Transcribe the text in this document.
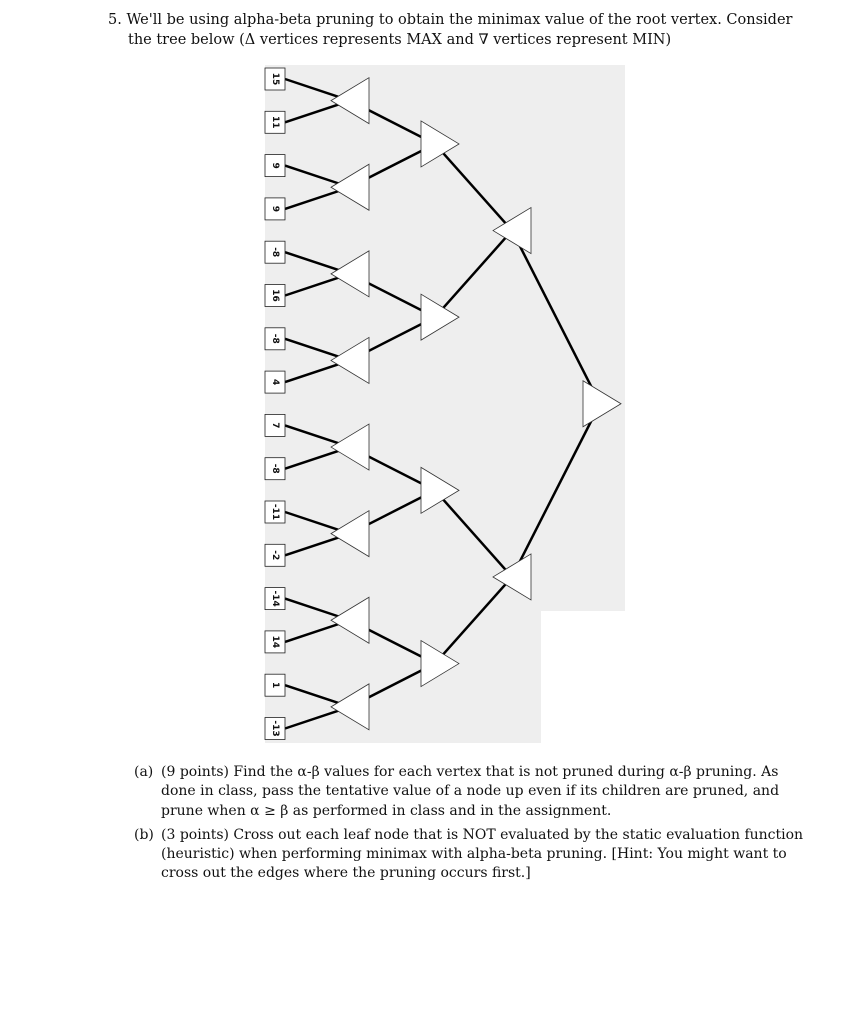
5. We'll be using alpha-beta pruning to obtain the minimax value of the root vertex. Consider
the tree below (Δ vertices represents MAX and ∇ vertices represent MIN)
15
11
9
9
-8
16
-8
4
7
-8
-11
-2
-14
14
1
-13
(a) (9 points) Find the α-β values for each vertex that is not pruned during α-β pruning. As
done in class, pass the tentative value of a node up even if its children are pruned, and
prune when α ≥ β as performed in class and in the assignment.
(b) (3 points) Cross out each leaf node that is NOT evaluated by the static evaluation function
(heuristic) when performing minimax with alpha-beta pruning. [Hint: You might want to
cross out the edges where the pruning occurs first.]
